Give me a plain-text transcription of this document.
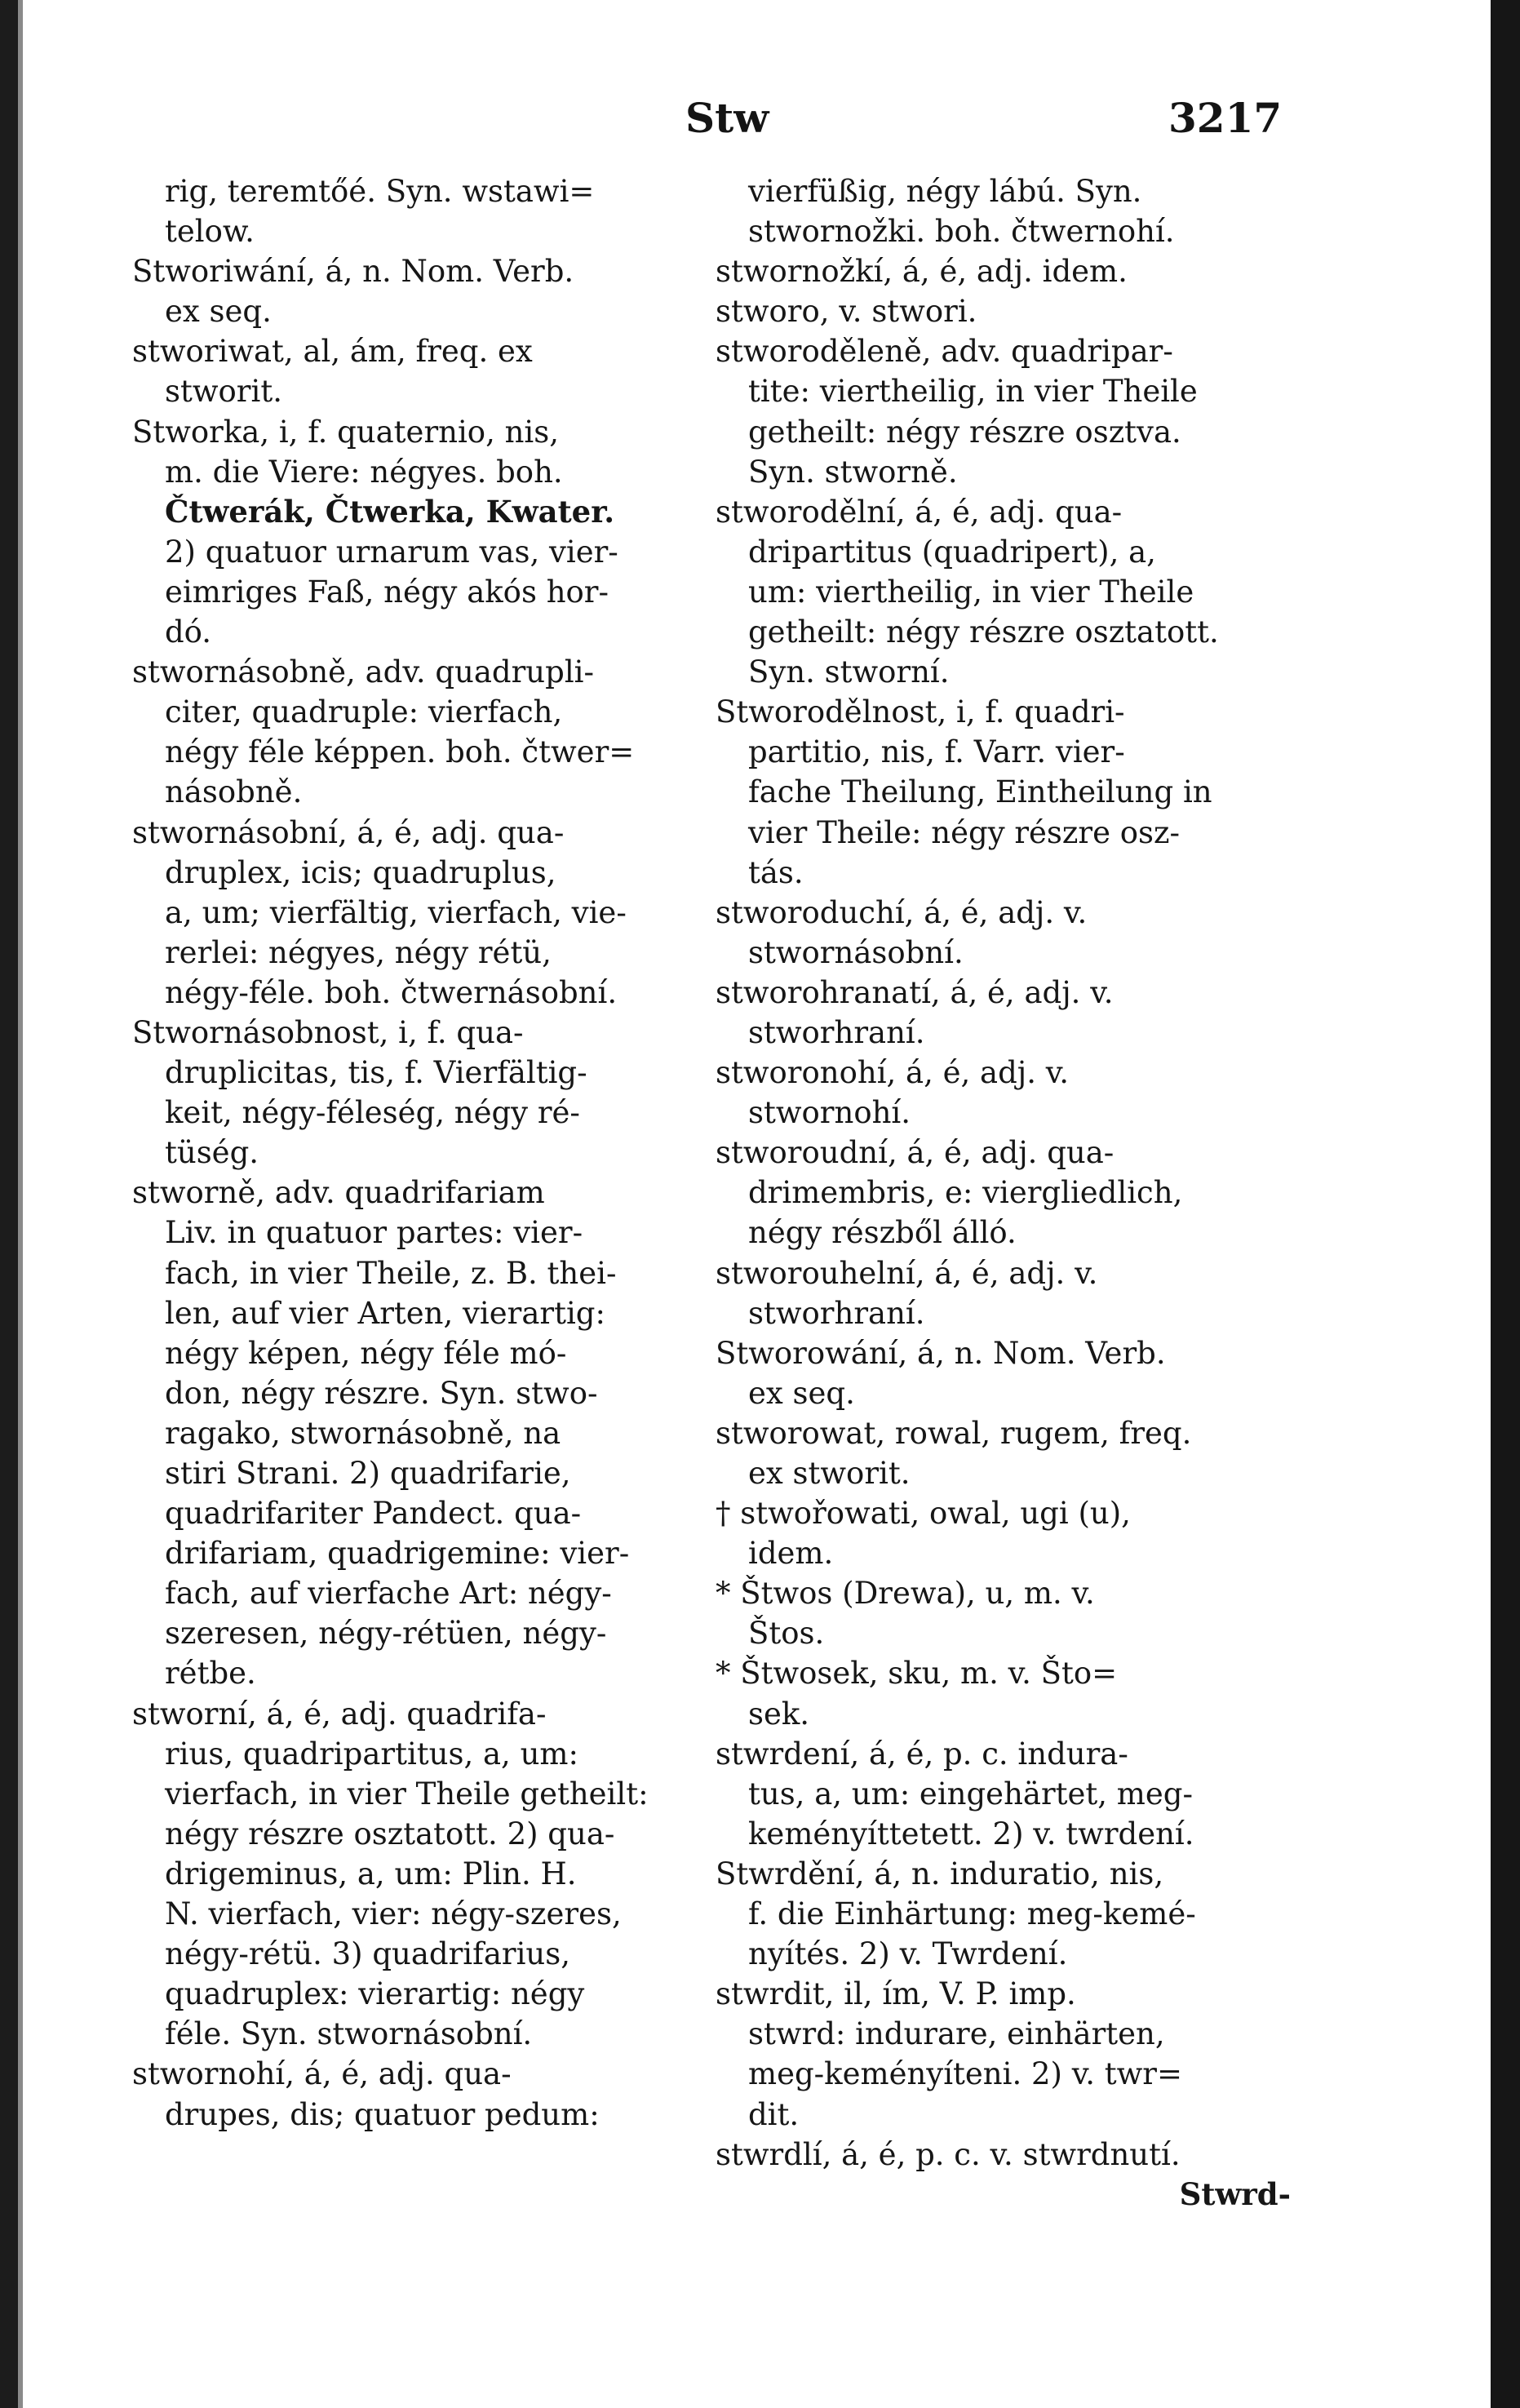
Stw	3217
rig, teremtőé. Syn. wstawi=
telow.
Stworiwání, á, n. Nom. Verb.
ex seq.
stworiwat, al, ám, freq. ex
stworit.
Stworka, i, f. quaternio, nis,
m. die Viere: négyes. boh.
Čtwerák, Čtwerka, Kwater.
2) quatuor urnarum vas, vier-
eimriges Faß, négy akós hor-
dó.
stwornásobně, adv. quadrupli-
citer, quadruple: vierfach,
négy féle képpen. boh. čtwer=
násobně.
stwornásobní, á, é, adj. qua-
druplex, icis; quadruplus,
a, um; vierfältig, vierfach, vie-
rerlei: négyes, négy rétü,
négy-féle. boh. čtwernásobní.
Stwornásobnost, i, f. qua-
druplicitas, tis, f. Vierfältig-
keit, négy-féleség, négy ré-
tüség.
stworně, adv. quadrifariam
Liv. in quatuor partes: vier-
fach, in vier Theile, z. B. thei-
len, auf vier Arten, vierartig:
négy képen, négy féle mó-
don, négy részre. Syn. stwo-
ragako, stwornásobně, na
stiri Strani. 2) quadrifarie,
quadrifariter Pandect. qua-
drifariam, quadrigemine: vier-
fach, auf vierfache Art: négy-
szeresen, négy-rétüen, négy-
rétbe.
stworní, á, é, adj. quadrifa-
rius, quadripartitus, a, um:
vierfach, in vier Theile getheilt:
négy részre osztatott. 2) qua-
drigeminus, a, um: Plin. H.
N. vierfach, vier: négy-szeres,
négy-rétü. 3) quadrifarius,
quadruplex: vierartig: négy
féle. Syn. stwornásobní.
stwornohí, á, é, adj. qua-
drupes, dis; quatuor pedum:
vierfüßig, négy lábú. Syn.
stwornožki. boh. čtwernohí.
stwornožkí, á, é, adj. idem.
stworo, v. stwori.
stworoděleně, adv. quadripar-
tite: viertheilig, in vier Theile
getheilt: négy részre osztva.
Syn. stworně.
stworodělní, á, é, adj. qua-
dripartitus (quadripert), a,
um: viertheilig, in vier Theile
getheilt: négy részre osztatott.
Syn. stworní.
Stworodělnost, i, f. quadri-
partitio, nis, f. Varr. vier-
fache Theilung, Eintheilung in
vier Theile: négy részre osz-
tás.
stworoduchí, á, é, adj. v.
stwornásobní.
stworohranatí, á, é, adj. v.
stworhraní.
stworonohí, á, é, adj. v.
stwornohí.
stworoudní, á, é, adj. qua-
drimembris, e: viergliedlich,
négy részből álló.
stworouhelní, á, é, adj. v.
stworhraní.
Stworowání, á, n. Nom. Verb.
ex seq.
stworowat, rowal, rugem, freq.
ex stworit.
† stwořowati, owal, ugi (u),
idem.
* Štwos (Drewa), u, m. v.
Štos.
* Štwosek, sku, m. v. Što=
sek.
stwrdení, á, é, p. c. indura-
tus, a, um: eingehärtet, meg-
keményíttetett. 2) v. twrdení.
Stwrdění, á, n. induratio, nis,
f. die Einhärtung: meg-kemé-
nyítés. 2) v. Twrdení.
stwrdit, il, ím, V. P. imp.
stwrd: indurare, einhärten,
meg-keményíteni. 2) v. twr=
dit.
stwrdlí, á, é, p. c. v. stwrdnutí.
Stwrd-
